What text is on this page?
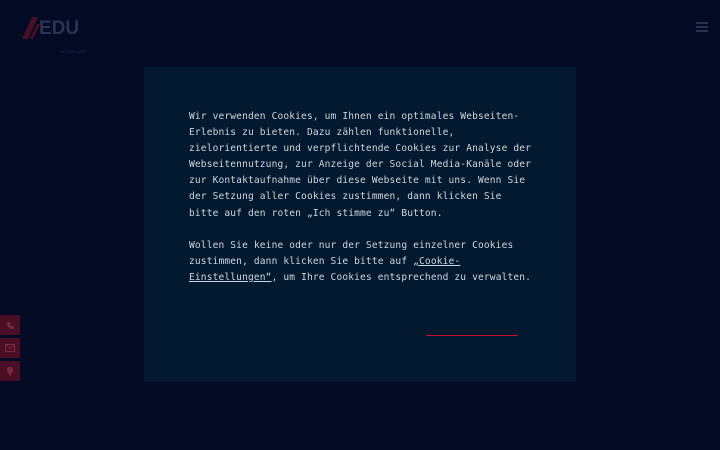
EDU
AKTUELLES

Wir verwenden Cookies, um Ihnen ein optimales Webseiten-Erlebnis zu bieten. Dazu zählen funktionelle, zielorientierte und verpflichtende Cookies zur Analyse der Webseitennutzung, zur Anzeige der Social Media-Kanäle oder zur Kontaktaufnahme über diese Webseite mit uns. Wenn Sie der Setzung aller Cookies zustimmen, dann klicken Sie bitte auf den roten „Ich stimme zu“ Button.

Wollen Sie keine oder nur der Setzung einzelner Cookies zustimmen, dann klicken Sie bitte auf „Cookie-Einstellungen“, um Ihre Cookies entsprechend zu verwalten.
